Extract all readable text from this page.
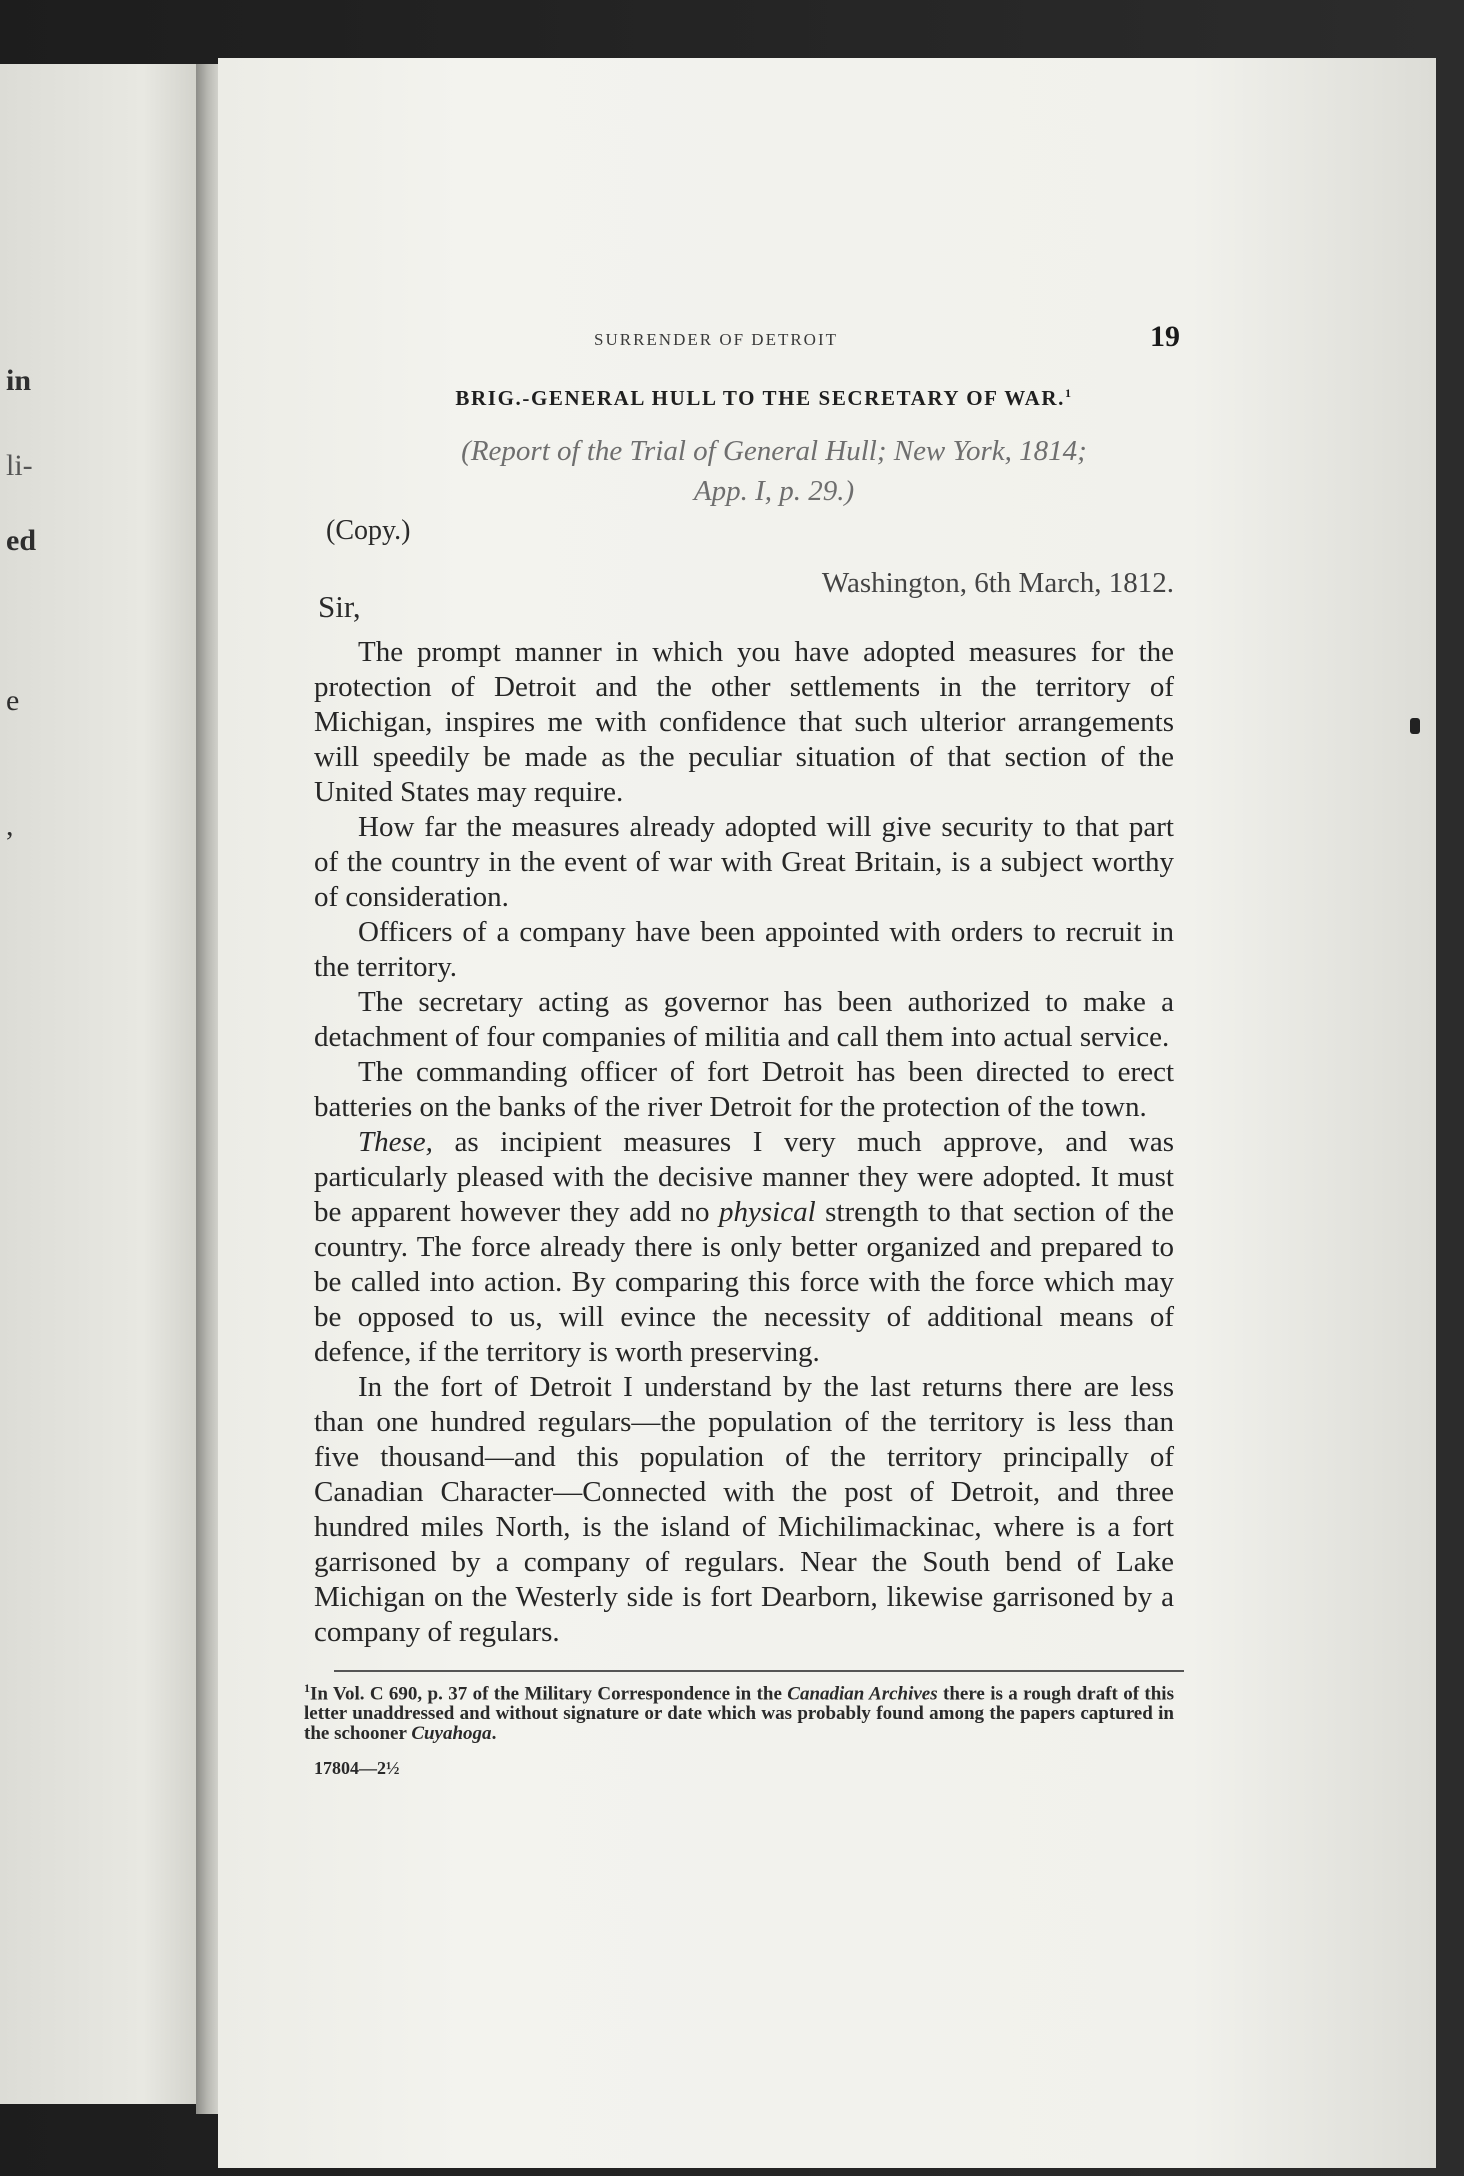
in
li-
ed
e
,
SURRENDER OF DETROIT	19
BRIG.-GENERAL HULL TO THE SECRETARY OF WAR.$^1$
(Report of the Trial of General Hull; New York, 1814;
App. I, p. 29.)
(Copy.)
Washington, 6th March, 1812.
Sir,

The prompt manner in which you have adopted measures for the protection of Detroit and the other settlements in the territory of Michigan, inspires me with confidence that such ulterior arrangements will speedily be made as the peculiar situation of that section of the United States may require.

How far the measures already adopted will give security to that part of the country in the event of war with Great Britain, is a subject worthy of consideration.

Officers of a company have been appointed with orders to recruit in the territory.

The secretary acting as governor has been authorized to make a detachment of four companies of militia and call them into actual service.

The commanding officer of fort Detroit has been directed to erect batteries on the banks of the river Detroit for the protection of the town.

These, as incipient measures I very much approve, and was particularly pleased with the decisive manner they were adopted. It must be apparent however they add no physical strength to that section of the country. The force already there is only better organized and prepared to be called into action. By comparing this force with the force which may be opposed to us, will evince the necessity of additional means of defence, if the territory is worth preserving.

In the fort of Detroit I understand by the last returns there are less than one hundred regulars—the population of the territory is less than five thousand—and this population of the territory principally of Canadian Character—Connected with the post of Detroit, and three hundred miles North, is the island of Michilimackinac, where is a fort garrisoned by a company of regulars. Near the South bend of Lake Michigan on the Westerly side is fort Dearborn, likewise garrisoned by a company of regulars.

$^1$In Vol. C 690, p. 37 of the Military Correspondence in the Canadian Archives there is a rough draft of this letter unaddressed and without signature or date which was probably found among the papers captured in the schooner Cuyahoga.
17804—2½
